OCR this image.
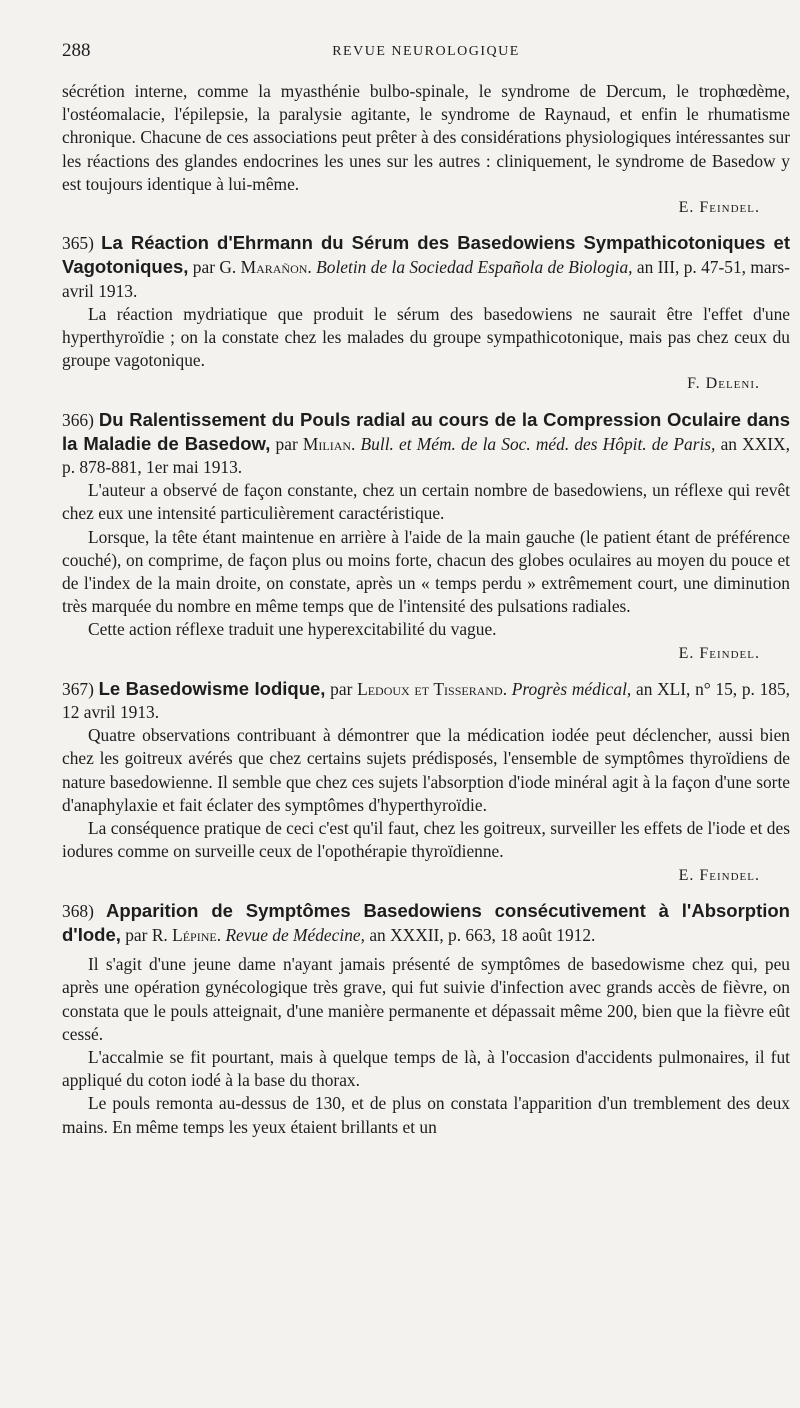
288	REVUE NEUROLOGIQUE

sécrétion interne, comme la myasthénie bulbo-spinale, le syndrome de Dercum, le trophœdème, l'ostéomalacie, l'épilepsie, la paralysie agitante, le syndrome de Raynaud, et enfin le rhumatisme chronique. Chacune de ces associations peut prêter à des considérations physiologiques intéressantes sur les réactions des glandes endocrines les unes sur les autres : cliniquement, le syndrome de Basedow y est toujours identique à lui-même.

E. Feindel.

365) La Réaction d'Ehrmann du Sérum des Basedowiens Sympathicotoniques et Vagotoniques, par G. Marañon. Boletin de la Sociedad Española de Biologia, an III, p. 47-51, mars-avril 1913.

La réaction mydriatique que produit le sérum des basedowiens ne saurait être l'effet d'une hyperthyroïdie ; on la constate chez les malades du groupe sympathicotonique, mais pas chez ceux du groupe vagotonique.

F. Deleni.

366) Du Ralentissement du Pouls radial au cours de la Compression Oculaire dans la Maladie de Basedow, par Milian. Bull. et Mém. de la Soc. méd. des Hôpit. de Paris, an XXIX, p. 878-881, 1er mai 1913.

L'auteur a observé de façon constante, chez un certain nombre de basedowiens, un réflexe qui revêt chez eux une intensité particulièrement caractéristique.

Lorsque, la tête étant maintenue en arrière à l'aide de la main gauche (le patient étant de préférence couché), on comprime, de façon plus ou moins forte, chacun des globes oculaires au moyen du pouce et de l'index de la main droite, on constate, après un « temps perdu » extrêmement court, une diminution très marquée du nombre en même temps que de l'intensité des pulsations radiales.

Cette action réflexe traduit une hyperexcitabilité du vague.

E. Feindel.

367) Le Basedowisme Iodique, par Ledoux et Tisserand. Progrès médical, an XLI, n° 15, p. 185, 12 avril 1913.

Quatre observations contribuant à démontrer que la médication iodée peut déclencher, aussi bien chez les goitreux avérés que chez certains sujets prédisposés, l'ensemble de symptômes thyroïdiens de nature basedowienne. Il semble que chez ces sujets l'absorption d'iode minéral agit à la façon d'une sorte d'anaphylaxie et fait éclater des symptômes d'hyperthyroïdie.

La conséquence pratique de ceci c'est qu'il faut, chez les goitreux, surveiller les effets de l'iode et des iodures comme on surveille ceux de l'opothérapie thyroïdienne.

E. Feindel.

368) Apparition de Symptômes Basedowiens consécutivement à l'Absorption d'Iode, par R. Lépine. Revue de Médecine, an XXXII, p. 663, 18 août 1912.

Il s'agit d'une jeune dame n'ayant jamais présenté de symptômes de basedowisme chez qui, peu après une opération gynécologique très grave, qui fut suivie d'infection avec grands accès de fièvre, on constata que le pouls atteignait, d'une manière permanente et dépassait même 200, bien que la fièvre eût cessé.

L'accalmie se fit pourtant, mais à quelque temps de là, à l'occasion d'accidents pulmonaires, il fut appliqué du coton iodé à la base du thorax.

Le pouls remonta au-dessus de 130, et de plus on constata l'apparition d'un tremblement des deux mains. En même temps les yeux étaient brillants et un
